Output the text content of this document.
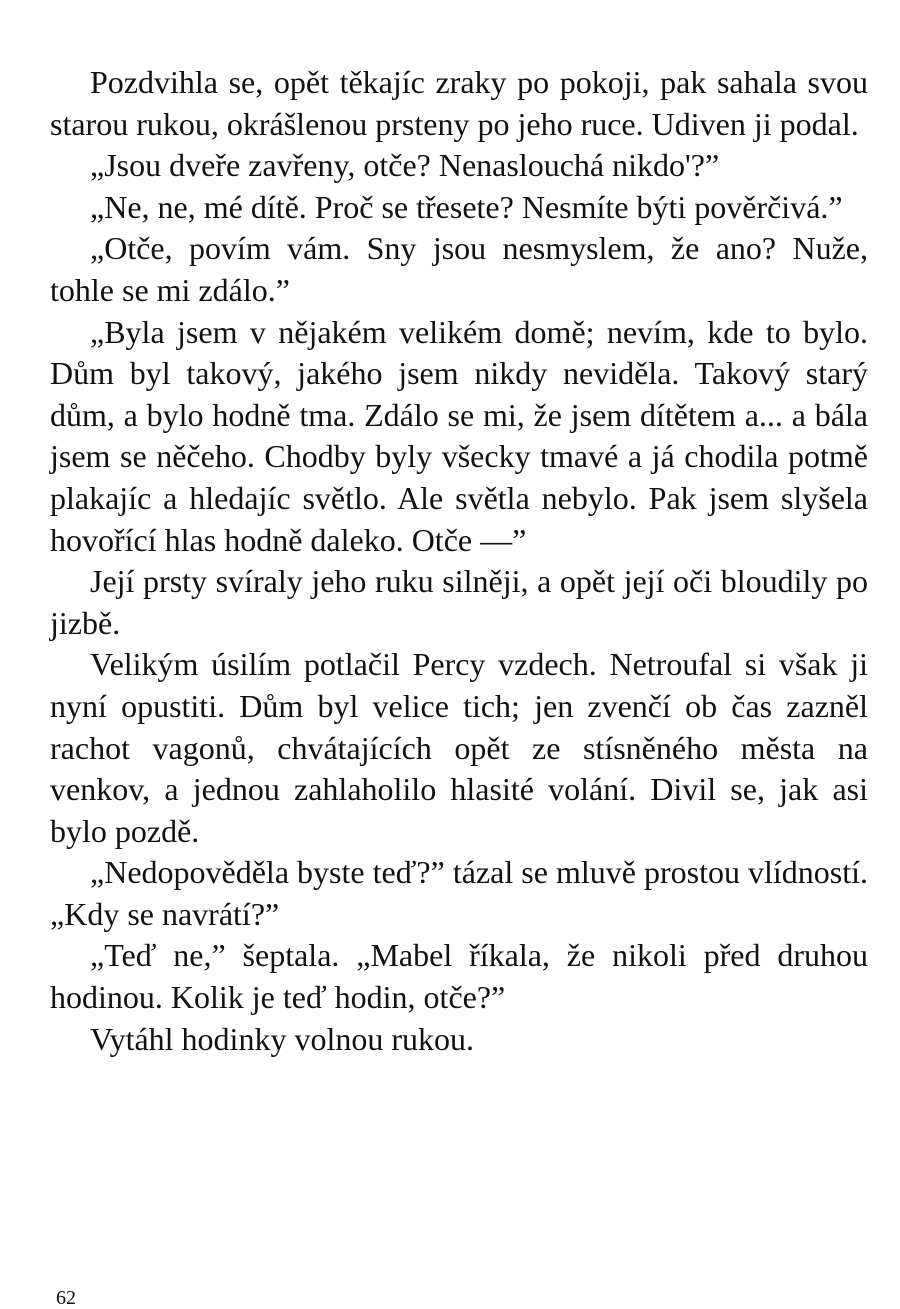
Pozdvihla se, opět těkajíc zraky po pokoji, pak sahala svou starou rukou, okrášlenou prsteny po jeho ruce. Udiven ji podal.

„Jsou dveře zavřeny, otče? Nenaslouchá nikdo'?”

„Ne, ne, mé dítě. Proč se třesete? Nesmíte býti pověrčivá.”

„Otče, povím vám. Sny jsou nesmyslem, že ano? Nuže, tohle se mi zdálo.”

„Byla jsem v nějakém velikém domě; nevím, kde to bylo. Dům byl takový, jakého jsem nikdy neviděla. Takový starý dům, a bylo hodně tma. Zdálo se mi, že jsem dítětem a... a bála jsem se něčeho. Chodby byly všecky tmavé a já chodila potmě plakajíc a hledajíc světlo. Ale světla nebylo. Pak jsem slyšela hovořící hlas hodně daleko. Otče —”

Její prsty svíraly jeho ruku silněji, a opět její oči bloudily po jizbě.

Velikým úsilím potlačil Percy vzdech. Netroufal si však ji nyní opustiti. Dům byl velice tich; jen zvenčí ob čas zazněl rachot vagonů, chvátajících opět ze stísněného města na venkov, a jednou zahlaholilo hlasité volání. Divil se, jak asi bylo pozdě.

„Nedopověděla byste teď?” tázal se mluvě prostou vlídností. „Kdy se navrátí?”

„Teď ne,” šeptala. „Mabel říkala, že nikoli před druhou hodinou. Kolik je teď hodin, otče?”

Vytáhl hodinky volnou rukou.

62
